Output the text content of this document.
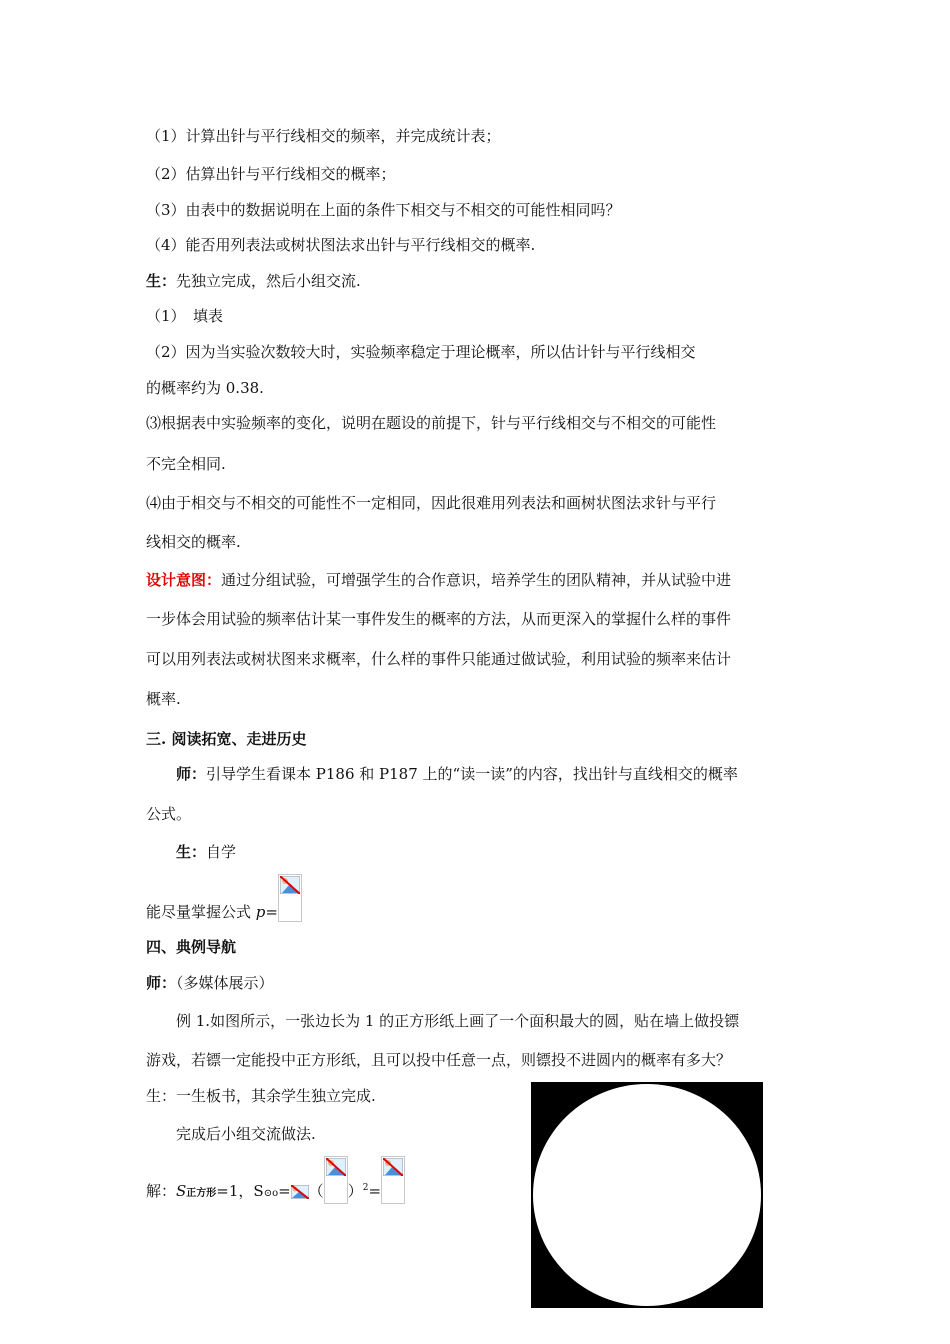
（1）计算出针与平行线相交的频率，并完成统计表；
（2）估算出针与平行线相交的概率；
（3）由表中的数据说明在上面的条件下相交与不相交的可能性相同吗？
（4）能否用列表法或树状图法求出针与平行线相交的概率.
生：先独立完成，然后小组交流.
（1）　填表
（2）因为当实验次数较大时，实验频率稳定于理论概率，所以估计针与平行线相交
的概率约为 0.38.
⑶根据表中实验频率的变化，说明在题设的前提下，针与平行线相交与不相交的可能性
不完全相同.
⑷由于相交与不相交的可能性不一定相同，因此很难用列表法和画树状图法求针与平行
线相交的概率.
设计意图：通过分组试验，可增强学生的合作意识，培养学生的团队精神，并从试验中进
一步体会用试验的频率估计某一事件发生的概率的方法，从而更深入的掌握什么样的事件
可以用列表法或树状图来求概率，什么样的事件只能通过做试验，利用试验的频率来估计
概率.
三. 阅读拓宽、走进历史
师：引导学生看课本 P186 和 P187 上的“读一读”的内容，找出针与直线相交的概率
公式。
生：自学
能尽量掌握公式 p=
四、典例导航
师：（多媒体展示）
例 1.如图所示，一张边长为 1 的正方形纸上画了一个面积最大的圆，贴在墙上做投镖
游戏，若镖一定能投中正方形纸，且可以投中任意一点，则镖投不进圆内的概率有多大？
生：一生板书，其余学生独立完成.
完成后小组交流做法.
解：S正方形=1，S⊙o= （ ）$^2$=
